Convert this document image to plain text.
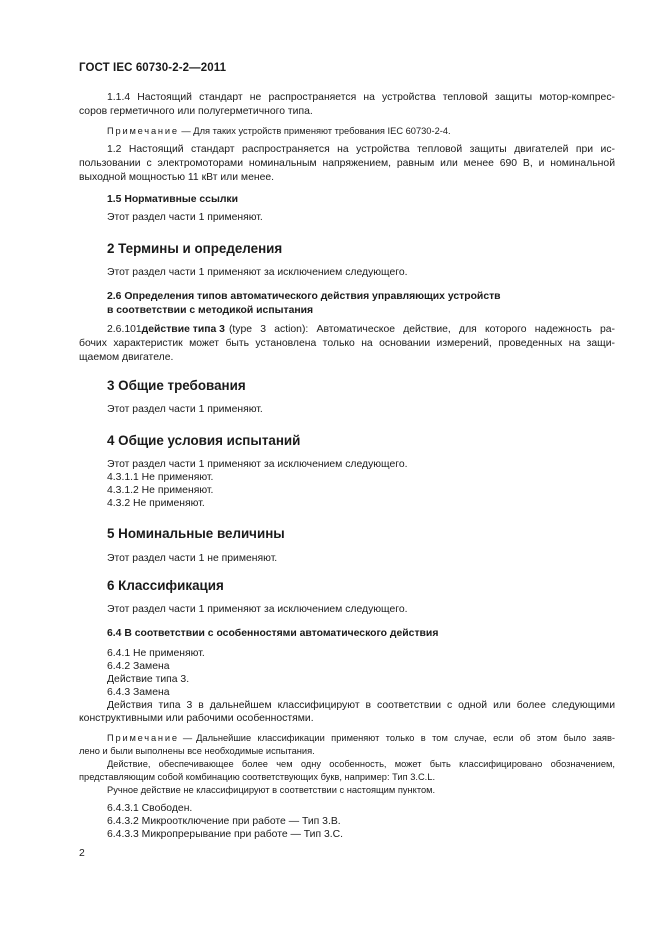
ГОСТ IEC 60730-2-2—2011
1.1.4 Настоящий стандарт не распространяется на устройства тепловой защиты мотор-компрес-
соров герметичного или полугерметичного типа.
Примечание — Для таких устройств применяют требования IEC 60730-2-4.
1.2 Настоящий стандарт распространяется на устройства тепловой защиты двигателей при ис-
пользовании с электромоторами номинальным напряжением, равным или менее 690 В, и номинальной
выходной мощностью 11 кВт или менее.
1.5 Нормативные ссылки
Этот раздел части 1 применяют.
2 Термины и определения
Этот раздел части 1 применяют за исключением следующего.
2.6 Определения типов автоматического действия управляющих устройств
в соответствии с методикой испытания
2.6.101 действие типа 3 (type 3 action): Автоматическое действие, для которого надежность ра-
бочих характеристик может быть установлена только на основании измерений, проведенных на защи-
щаемом двигателе.
3 Общие требования
Этот раздел части 1 применяют.
4 Общие условия испытаний
Этот раздел части 1 применяют за исключением следующего.
4.3.1.1 Не применяют.
4.3.1.2 Не применяют.
4.3.2 Не применяют.
5 Номинальные величины
Этот раздел части 1 не применяют.
6 Классификация
Этот раздел части 1 применяют за исключением следующего.
6.4 В соответствии с особенностями автоматического действия
6.4.1 Не применяют.
6.4.2 Замена
Действие типа 3.
6.4.3 Замена
Действия типа 3 в дальнейшем классифицируют в соответствии с одной или более следующими
конструктивными или рабочими особенностями.
Примечание — Дальнейшие классификации применяют только в том случае, если об этом было заяв-
лено и были выполнены все необходимые испытания.
Действие, обеспечивающее более чем одну особенность, может быть классифицировано обозначением,
представляющим собой комбинацию соответствующих букв, например: Тип 3.C.L.
Ручное действие не классифицируют в соответствии с настоящим пунктом.
6.4.3.1 Свободен.
6.4.3.2 Микроотключение при работе — Тип 3.B.
6.4.3.3 Микропрерывание при работе — Тип 3.C.
2
